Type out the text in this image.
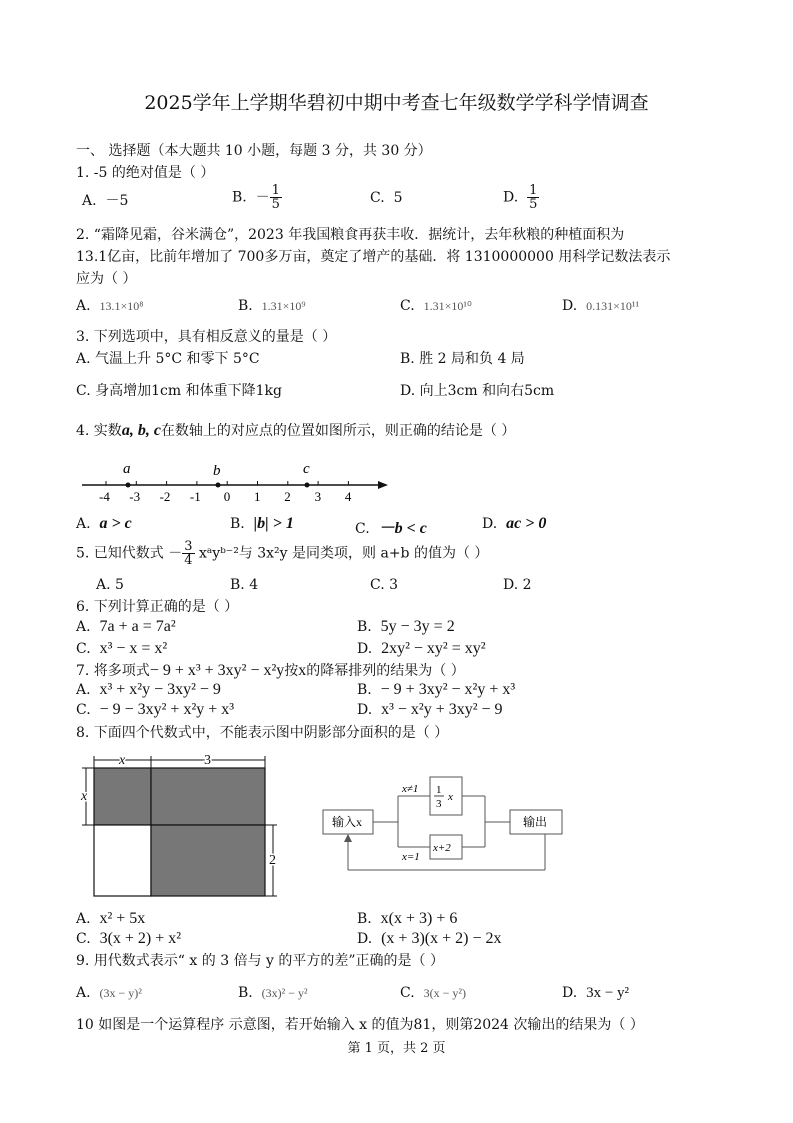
2025学年上学期华碧初中期中考查七年级数学学科学情调查
一、 选择题（本大题共 10 小题，每题 3 分，共 30 分）
1. -5 的绝对值是（ ）
A. －5	B. － $\frac{1}{5}$	C. 5	D. $\frac{1}{5}$
2. “霜降见霜，谷米满仓”，2023 年我国粮食再获丰收．据统计，去年秋粮的种植面积为
13.1亿亩，比前年增加了 700多万亩，奠定了增产的基础．将 1310000000 用科学记数法表示
应为（ ）
A. 13.1×10⁸	B. 1.31×10⁹	C. 1.31×10¹⁰	D. 0.131×10¹¹
3. 下列选项中，具有相反意义的量是（ ）
A. 气温上升 5°C 和零下 5°C	B. 胜 2 局和负 4 局
C. 身高增加1cm 和体重下降1kg	D. 向上3cm 和向右5cm
4. 实数a, b, c在数轴上的对应点的位置如图所示，则正确的结论是（ ）
-4 -3 -2 -1 0 1 2 3 4
a	b	c
A. a > c	B. |b| > 1	C. －b < c	D. ac > 0
5. 已知代数式 － $\frac{3}{4}$ xᵃyᵇ⁻²与 3x²y 是同类项，则 a+b 的值为（ ）
A. 5	B. 4	C. 3	D. 2
6. 下列计算正确的是（ ）
A. 7a + a = 7a²	B. 5y − 3y = 2
C. x³ − x = x²	D. 2xy² − xy² = xy²
7. 将多项式− 9 + x³ + 3xy² − x²y按x的降幂排列的结果为（ ）
A. x³ + x²y − 3xy² − 9	B. − 9 + 3xy² − x²y + x³
C. − 9 − 3xy² + x²y + x³	D. x³ − x²y + 3xy² − 9
8. 下面四个代数式中，不能表示图中阴影部分面积的是（ ）
x	3
x
2
输入x
x≠1
x=1
1
3
x
x+2
输出
A. x² + 5x	B. x(x + 3) + 6
C. 3(x + 2) + x²	D. (x + 3)(x + 2) − 2x
9. 用代数式表示“ x 的 3 倍与 y 的平方的差”正确的是（ ）
A. (3x − y)²	B. (3x)² − y²	C. 3(x − y²)	D. 3x − y²
10 如图是一个运算程序 示意图，若开始输入 x 的值为81，则第2024 次输出的结果为（ ）
第 1 页，共 2 页
